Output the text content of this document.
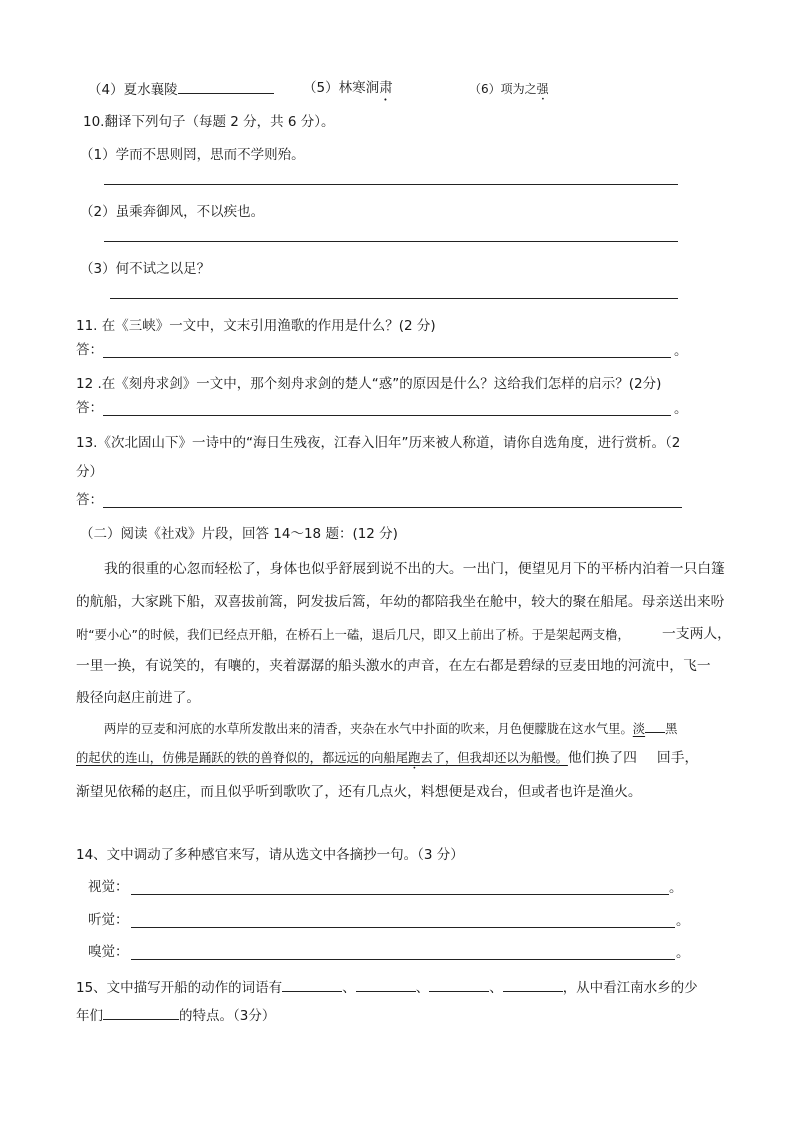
（4）夏水襄陵	（5）林寒涧肃	（6）项为之强
10.翻译下列句子（每题 2 分，共 6 分）。
（1）学而不思则罔，思而不学则殆。
（2）虽乘奔御风，不以疾也。
（3）何不试之以足？
11. 在《三峡》一文中，文末引用渔歌的作用是什么？(2 分)
答：	。
12 .在《刻舟求剑》一文中，那个刻舟求剑的楚人“惑”的原因是什么？这给我们怎样的启示？(2分)
答：	。
13.《次北固山下》一诗中的“海日生残夜，江春入旧年”历来被人称道，请你自选角度，进行赏析。（2
分）
答：
（二）阅读《社戏》片段，回答 14～18 题：(12 分)
我的很重的心忽而轻松了，身体也似乎舒展到说不出的大。一出门，便望见月下的平桥内泊着一只白篷
的航船，大家跳下船，双喜拔前篙，阿发拔后篙，年幼的都陪我坐在舱中，较大的聚在船尾。母亲送出来吩
咐“要小心”的时候，我们已经点开船，在桥石上一磕，退后几尺，即又上前出了桥。于是架起两支橹， 一支两人，
一里一换，有说笑的，有嚷的，夹着潺潺的船头激水的声音，在左右都是碧绿的豆麦田地的河流中，飞一
般径向赵庄前进了。
两岸的豆麦和河底的水草所发散出来的清香，夹杂在水气中扑面的吹来，月色便朦胧在这水气里。淡 黑
的起伏的连山，仿佛是踊跃的铁的兽脊似的，都远远的向船尾跑去了，但我却还以为船慢。他们换了四 回手，
渐望见依稀的赵庄，而且似乎听到歌吹了，还有几点火，料想便是戏台，但或者也许是渔火。
14、文中调动了多种感官来写，请从选文中各摘抄一句。（3 分）
视觉：	。
听觉：	。
嗅觉：	。
15、文中描写开船的动作的词语有	、	、	、	，从中看江南水乡的少
年们	的特点。（3分）
